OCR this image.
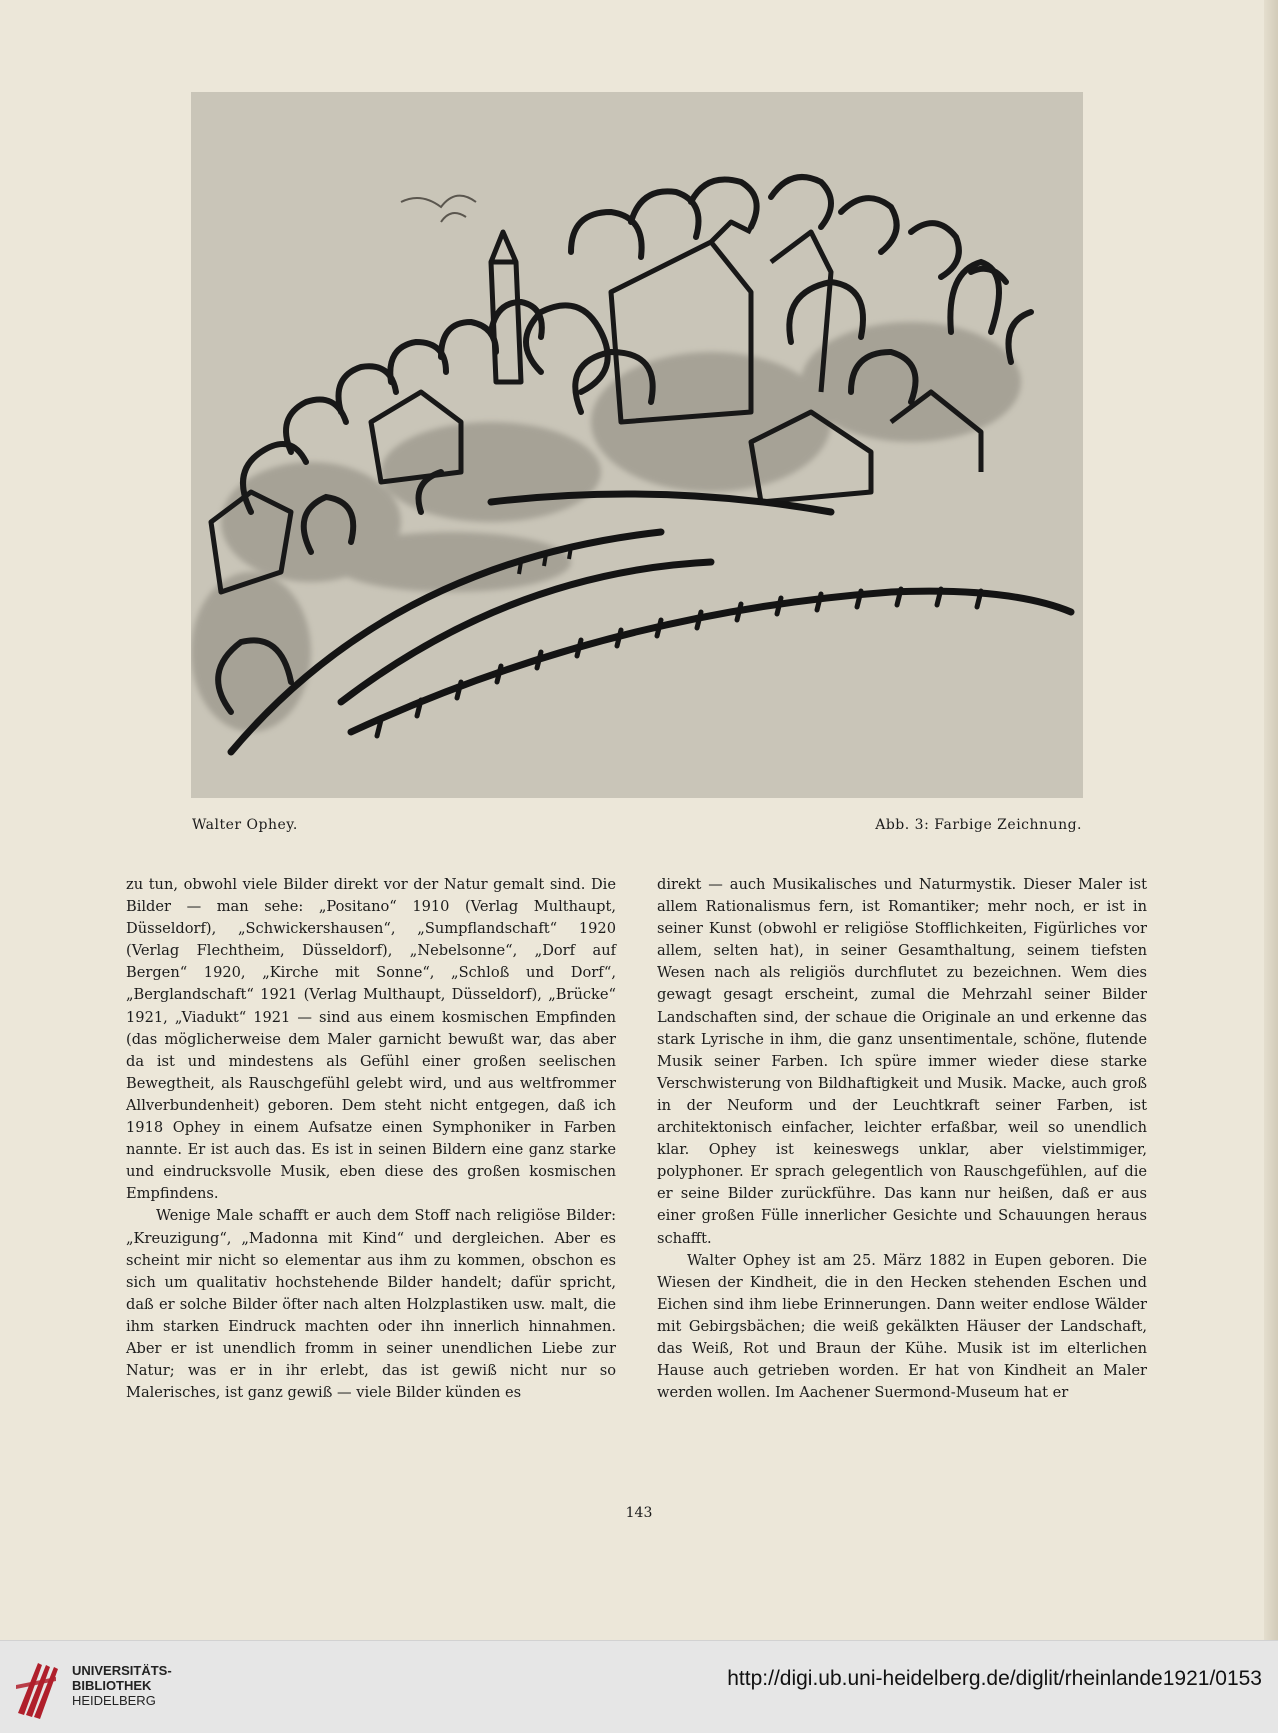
Walter Ophey.	Abb. 3: Farbige Zeichnung.

zu tun, obwohl viele Bilder direkt vor der Natur gemalt sind. Die Bilder — man sehe: „Positano“ 1910 (Verlag Multhaupt, Düsseldorf), „Schwickershausen“, „Sumpflandschaft“ 1920 (Verlag Flechtheim, Düsseldorf), „Nebelsonne“, „Dorf auf Bergen“ 1920, „Kirche mit Sonne“, „Schloß und Dorf“, „Berglandschaft“ 1921 (Verlag Multhaupt, Düsseldorf), „Brücke“ 1921, „Viadukt“ 1921 — sind aus einem kosmischen Empfinden (das möglicherweise dem Maler garnicht bewußt war, das aber da ist und mindestens als Gefühl einer großen seelischen Bewegtheit, als Rauschgefühl gelebt wird, und aus weltfrommer Allverbundenheit) geboren. Dem steht nicht entgegen, daß ich 1918 Ophey in einem Aufsatze einen Symphoniker in Farben nannte. Er ist auch das. Es ist in seinen Bildern eine ganz starke und eindrucksvolle Musik, eben diese des großen kosmischen Empfindens.

Wenige Male schafft er auch dem Stoff nach religiöse Bilder: „Kreuzigung“, „Madonna mit Kind“ und dergleichen. Aber es scheint mir nicht so elementar aus ihm zu kommen, obschon es sich um qualitativ hochstehende Bilder handelt; dafür spricht, daß er solche Bilder öfter nach alten Holzplastiken usw. malt, die ihm starken Eindruck machten oder ihn innerlich hinnahmen. Aber er ist unendlich fromm in seiner unendlichen Liebe zur Natur; was er in ihr erlebt, das ist gewiß nicht nur so Malerisches, ist ganz gewiß — viele Bilder künden es

direkt — auch Musikalisches und Naturmystik. Dieser Maler ist allem Rationalismus fern, ist Romantiker; mehr noch, er ist in seiner Kunst (obwohl er religiöse Stofflichkeiten, Figürliches vor allem, selten hat), in seiner Gesamthaltung, seinem tiefsten Wesen nach als religiös durchflutet zu bezeichnen. Wem dies gewagt gesagt erscheint, zumal die Mehrzahl seiner Bilder Landschaften sind, der schaue die Originale an und erkenne das stark Lyrische in ihm, die ganz unsentimentale, schöne, flutende Musik seiner Farben. Ich spüre immer wieder diese starke Verschwisterung von Bildhaftigkeit und Musik. Macke, auch groß in der Neuform und der Leuchtkraft seiner Farben, ist architektonisch einfacher, leichter erfaßbar, weil so unendlich klar. Ophey ist keineswegs unklar, aber vielstimmiger, polyphoner. Er sprach gelegentlich von Rauschgefühlen, auf die er seine Bilder zurückführe. Das kann nur heißen, daß er aus einer großen Fülle innerlicher Gesichte und Schauungen heraus schafft.

Walter Ophey ist am 25. März 1882 in Eupen geboren. Die Wiesen der Kindheit, die in den Hecken stehenden Eschen und Eichen sind ihm liebe Erinnerungen. Dann weiter endlose Wälder mit Gebirgsbächen; die weiß gekälkten Häuser der Landschaft, das Weiß, Rot und Braun der Kühe. Musik ist im elterlichen Hause auch getrieben worden. Er hat von Kindheit an Maler werden wollen. Im Aachener Suermond-Museum hat er

143
UNIVERSITÄTS-
BIBLIOTHEK
HEIDELBERG
http://digi.ub.uni-heidelberg.de/diglit/rheinlande1921/0153
